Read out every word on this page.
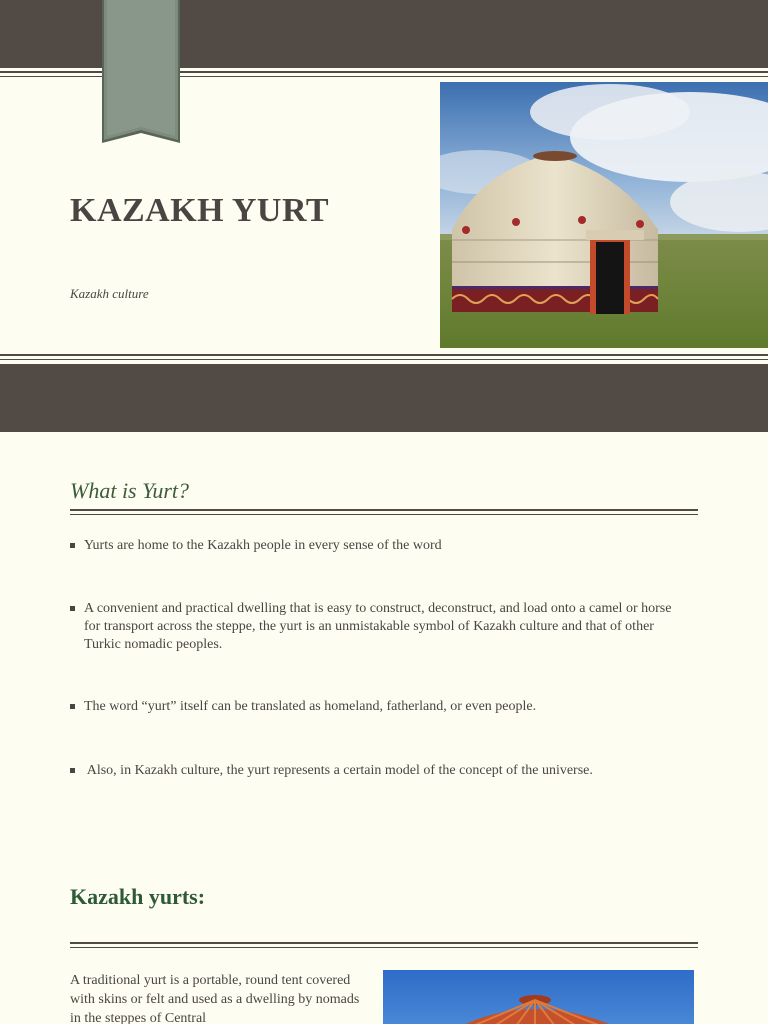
KAZAKH YURT

Kazakh culture

What is Yurt?
Yurts are home to the Kazakh people in every sense of the word
A convenient and practical dwelling that is easy to construct, deconstruct, and load onto a camel or horse for transport across the steppe, the yurt is an unmistakable symbol of Kazakh culture and that of other Turkic nomadic peoples.
The word “yurt” itself can be translated as homeland, fatherland, or even people.
Also, in Kazakh culture, the yurt represents a certain model of the concept of the universe.
Kazakh yurts:

A traditional yurt is a portable, round tent covered with skins or felt and used as a dwelling by nomads in the steppes of Central
